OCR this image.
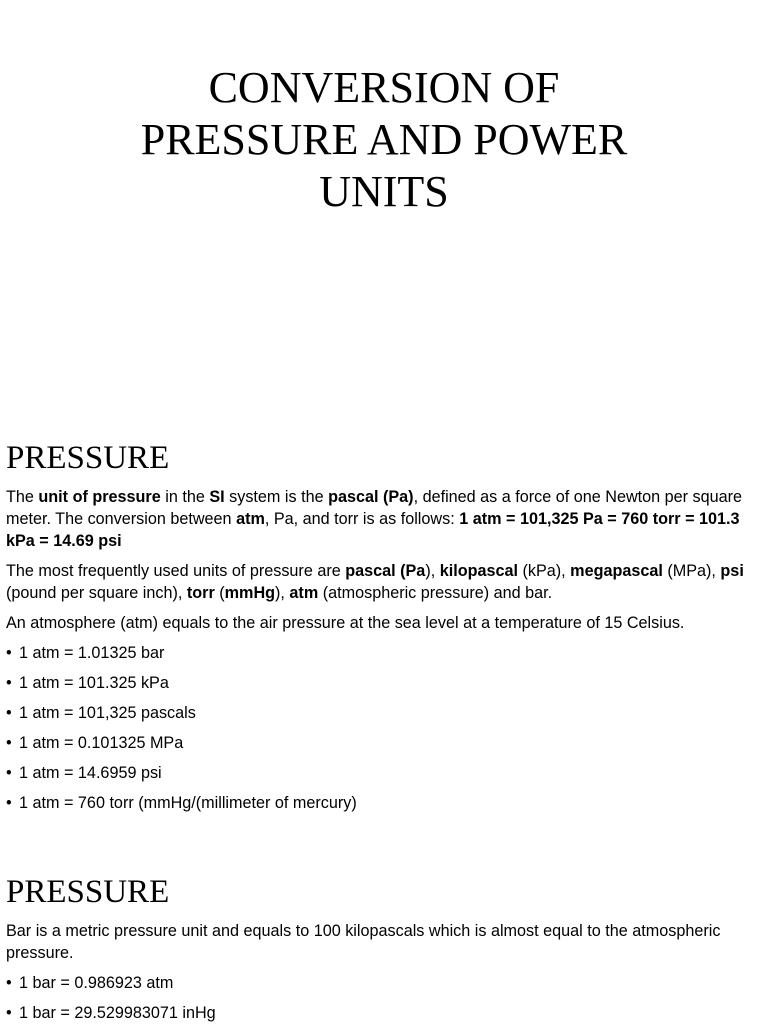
CONVERSION OF
PRESSURE AND POWER
UNITS
PRESSURE

The unit of pressure in the SI system is the pascal (Pa), defined as a force of one Newton per square meter. The conversion between atm, Pa, and torr is as follows: 1 atm = 101,325 Pa = 760 torr = 101.3 kPa = 14.69 psi

The most frequently used units of pressure are pascal (Pa), kilopascal (kPa), megapascal (MPa), psi (pound per square inch), torr (mmHg), atm (atmospheric pressure) and bar.

An atmosphere (atm) equals to the air pressure at the sea level at a temperature of 15 Celsius.

• 1 atm = 1.01325 bar
• 1 atm = 101.325 kPa
• 1 atm = 101,325 pascals
• 1 atm = 0.101325 MPa
• 1 atm = 14.6959 psi
• 1 atm = 760 torr (mmHg/(millimeter of mercury)
PRESSURE

Bar is a metric pressure unit and equals to 100 kilopascals which is almost equal to the atmospheric pressure.

• 1 bar = 0.986923 atm
• 1 bar = 29.529983071 inHg
